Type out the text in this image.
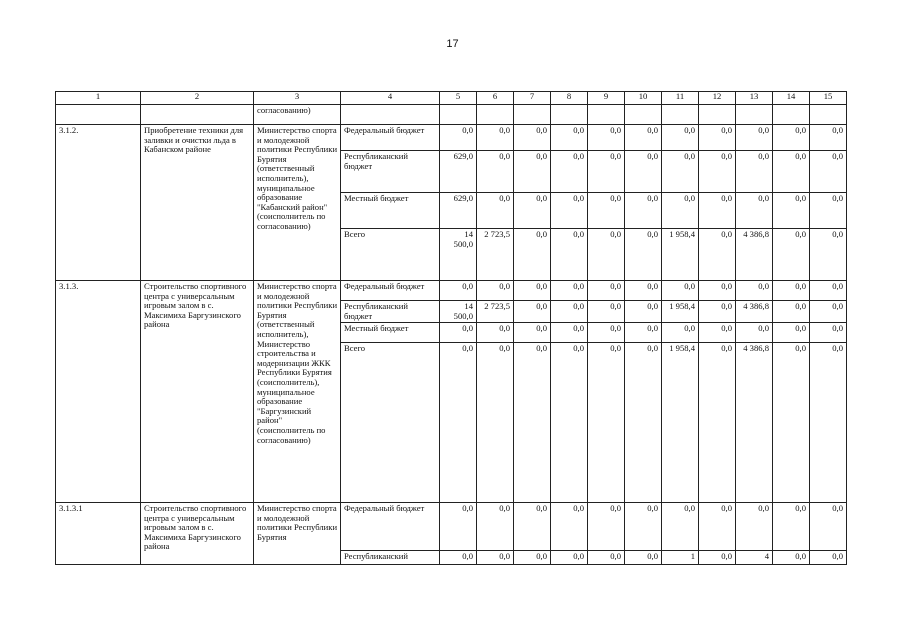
17
1	2	3	4	5	6	7	8	9	10	11	12	13	14	15
		согласованию)												
3.1.2.	Приобретение техники для заливки и очистки льда в Кабанском районе	Министерство спорта и молодежной политики Республики Бурятия (ответственный исполнитель), муниципальное образование "Кабанский район" (соисполнитель по согласованию)	Федеральный бюджет	0,0	0,0	0,0	0,0	0,0	0,0	0,0	0,0	0,0	0,0	0,0
			Республиканский бюджет	629,0	0,0	0,0	0,0	0,0	0,0	0,0	0,0	0,0	0,0	0,0
			Местный бюджет	629,0	0,0	0,0	0,0	0,0	0,0	0,0	0,0	0,0	0,0	0,0
			Всего	14 500,0	2 723,5	0,0	0,0	0,0	0,0	1 958,4	0,0	4 386,8	0,0	0,0
3.1.3.	Строительство спортивного центра с универсальным игровым залом в с. Максимиха Баргузинского района	Министерство спорта и молодежной политики Республики Бурятия (ответственный исполнитель), Министерство строительства и модернизации ЖКК Республики Бурятия (соисполнитель), муниципальное образование "Баргузинский район" (соисполнитель по согласованию)	Федеральный бюджет	0,0	0,0	0,0	0,0	0,0	0,0	0,0	0,0	0,0	0,0	0,0
			Республиканский бюджет	14 500,0	2 723,5	0,0	0,0	0,0	0,0	1 958,4	0,0	4 386,8	0,0	0,0
			Местный бюджет	0,0	0,0	0,0	0,0	0,0	0,0	0,0	0,0	0,0	0,0	0,0
			Всего	0,0	0,0	0,0	0,0	0,0	0,0	1 958,4	0,0	4 386,8	0,0	0,0
3.1.3.1	Строительство спортивного центра с универсальным игровым залом в с. Максимиха Баргузинского района	Министерство спорта и молодежной политики Республики Бурятия	Федеральный бюджет	0,0	0,0	0,0	0,0	0,0	0,0	0,0	0,0	0,0	0,0	0,0
			Республиканский	0,0	0,0	0,0	0,0	0,0	0,0	1	0,0	4	0,0	0,0
